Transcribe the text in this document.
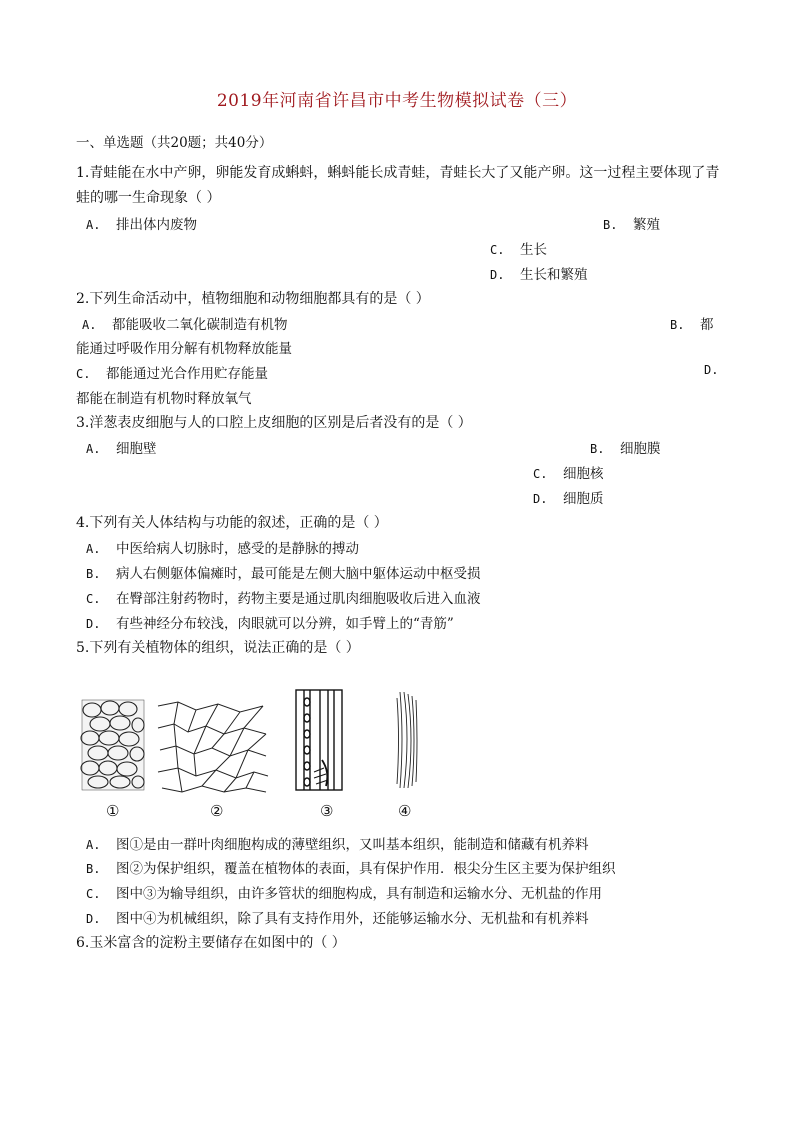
2019年河南省许昌市中考生物模拟试卷（三）
一、单选题（共20题；共40分）
1.青蛙能在水中产卵，卵能发育成蝌蚪，蝌蚪能长成青蛙，青蛙长大了又能产卵。这一过程主要体现了青
蛙的哪一生命现象（ ）
A. 排出体内废物	B. 繁殖
C. 生长
D. 生长和繁殖
2.下列生命活动中，植物细胞和动物细胞都具有的是（ ）
A. 都能吸收二氧化碳制造有机物	B. 都
能通过呼吸作用分解有机物释放能量
C. 都能通过光合作用贮存能量	D.
都能在制造有机物时释放氧气
3.洋葱表皮细胞与人的口腔上皮细胞的区别是后者没有的是（ ）
A. 细胞壁	B. 细胞膜
C. 细胞核
D. 细胞质
4.下列有关人体结构与功能的叙述，正确的是（ ）
A. 中医给病人切脉时，感受的是静脉的搏动
B. 病人右侧躯体偏瘫时，最可能是左侧大脑中躯体运动中枢受损
C. 在臀部注射药物时，药物主要是通过肌肉细胞吸收后进入血液
D. 有些神经分布较浅，肉眼就可以分辨，如手臂上的“青筋”
5.下列有关植物体的组织，说法正确的是（ ）
①	②	③	④
A. 图①是由一群叶肉细胞构成的薄壁组织，又叫基本组织，能制造和储藏有机养料
B. 图②为保护组织，覆盖在植物体的表面，具有保护作用．根尖分生区主要为保护组织
C. 图中③为输导组织，由许多管状的细胞构成，具有制造和运输水分、无机盐的作用
D. 图中④为机械组织，除了具有支持作用外，还能够运输水分、无机盐和有机养料
6.玉米富含的淀粉主要储存在如图中的（ ）
